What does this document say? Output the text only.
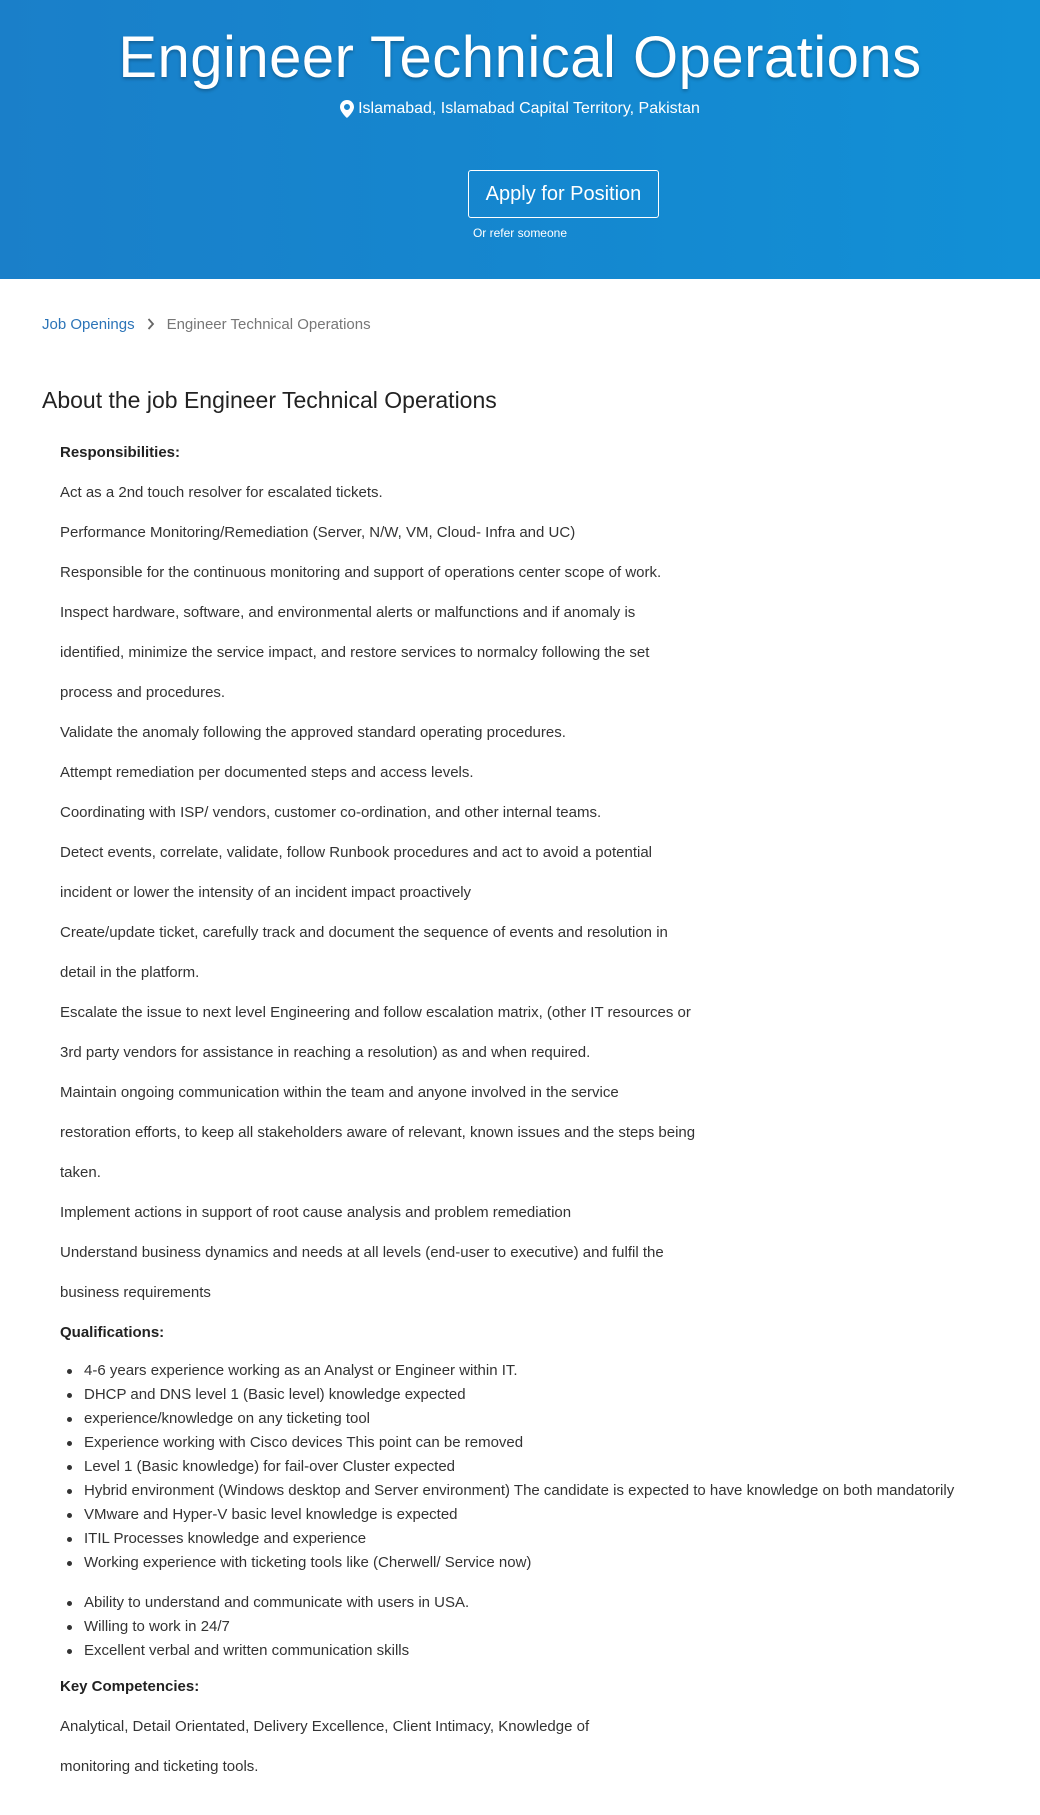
Engineer Technical Operations
Islamabad, Islamabad Capital Territory, Pakistan
Apply for Position
Or refer someone
Job Openings Engineer Technical Operations
About the job Engineer Technical Operations
Responsibilities:
Act as a 2nd touch resolver for escalated tickets.
Performance Monitoring/Remediation (Server, N/W, VM, Cloud- Infra and UC)
Responsible for the continuous monitoring and support of operations center scope of work.
Inspect hardware, software, and environmental alerts or malfunctions and if anomaly is
identified, minimize the service impact, and restore services to normalcy following the set
process and procedures.
Validate the anomaly following the approved standard operating procedures.
Attempt remediation per documented steps and access levels.
Coordinating with ISP/ vendors, customer co-ordination, and other internal teams.
Detect events, correlate, validate, follow Runbook procedures and act to avoid a potential
incident or lower the intensity of an incident impact proactively
Create/update ticket, carefully track and document the sequence of events and resolution in
detail in the platform.
Escalate the issue to next level Engineering and follow escalation matrix, (other IT resources or
3rd party vendors for assistance in reaching a resolution) as and when required.
Maintain ongoing communication within the team and anyone involved in the service
restoration efforts, to keep all stakeholders aware of relevant, known issues and the steps being
taken.
Implement actions in support of root cause analysis and problem remediation
Understand business dynamics and needs at all levels (end-user to executive) and fulfil the
business requirements
Qualifications:
4-6 years experience working as an Analyst or Engineer within IT.
DHCP and DNS level 1 (Basic level) knowledge expected
experience/knowledge on any ticketing tool
Experience working with Cisco devices This point can be removed
Level 1 (Basic knowledge) for fail-over Cluster expected
Hybrid environment (Windows desktop and Server environment) The candidate is expected to have knowledge on both mandatorily
VMware and Hyper-V basic level knowledge is expected
ITIL Processes knowledge and experience
Working experience with ticketing tools like (Cherwell/ Service now)
Ability to understand and communicate with users in USA.
Willing to work in 24/7
Excellent verbal and written communication skills
Key Competencies:
Analytical, Detail Orientated, Delivery Excellence, Client Intimacy, Knowledge of
monitoring and ticketing tools.
